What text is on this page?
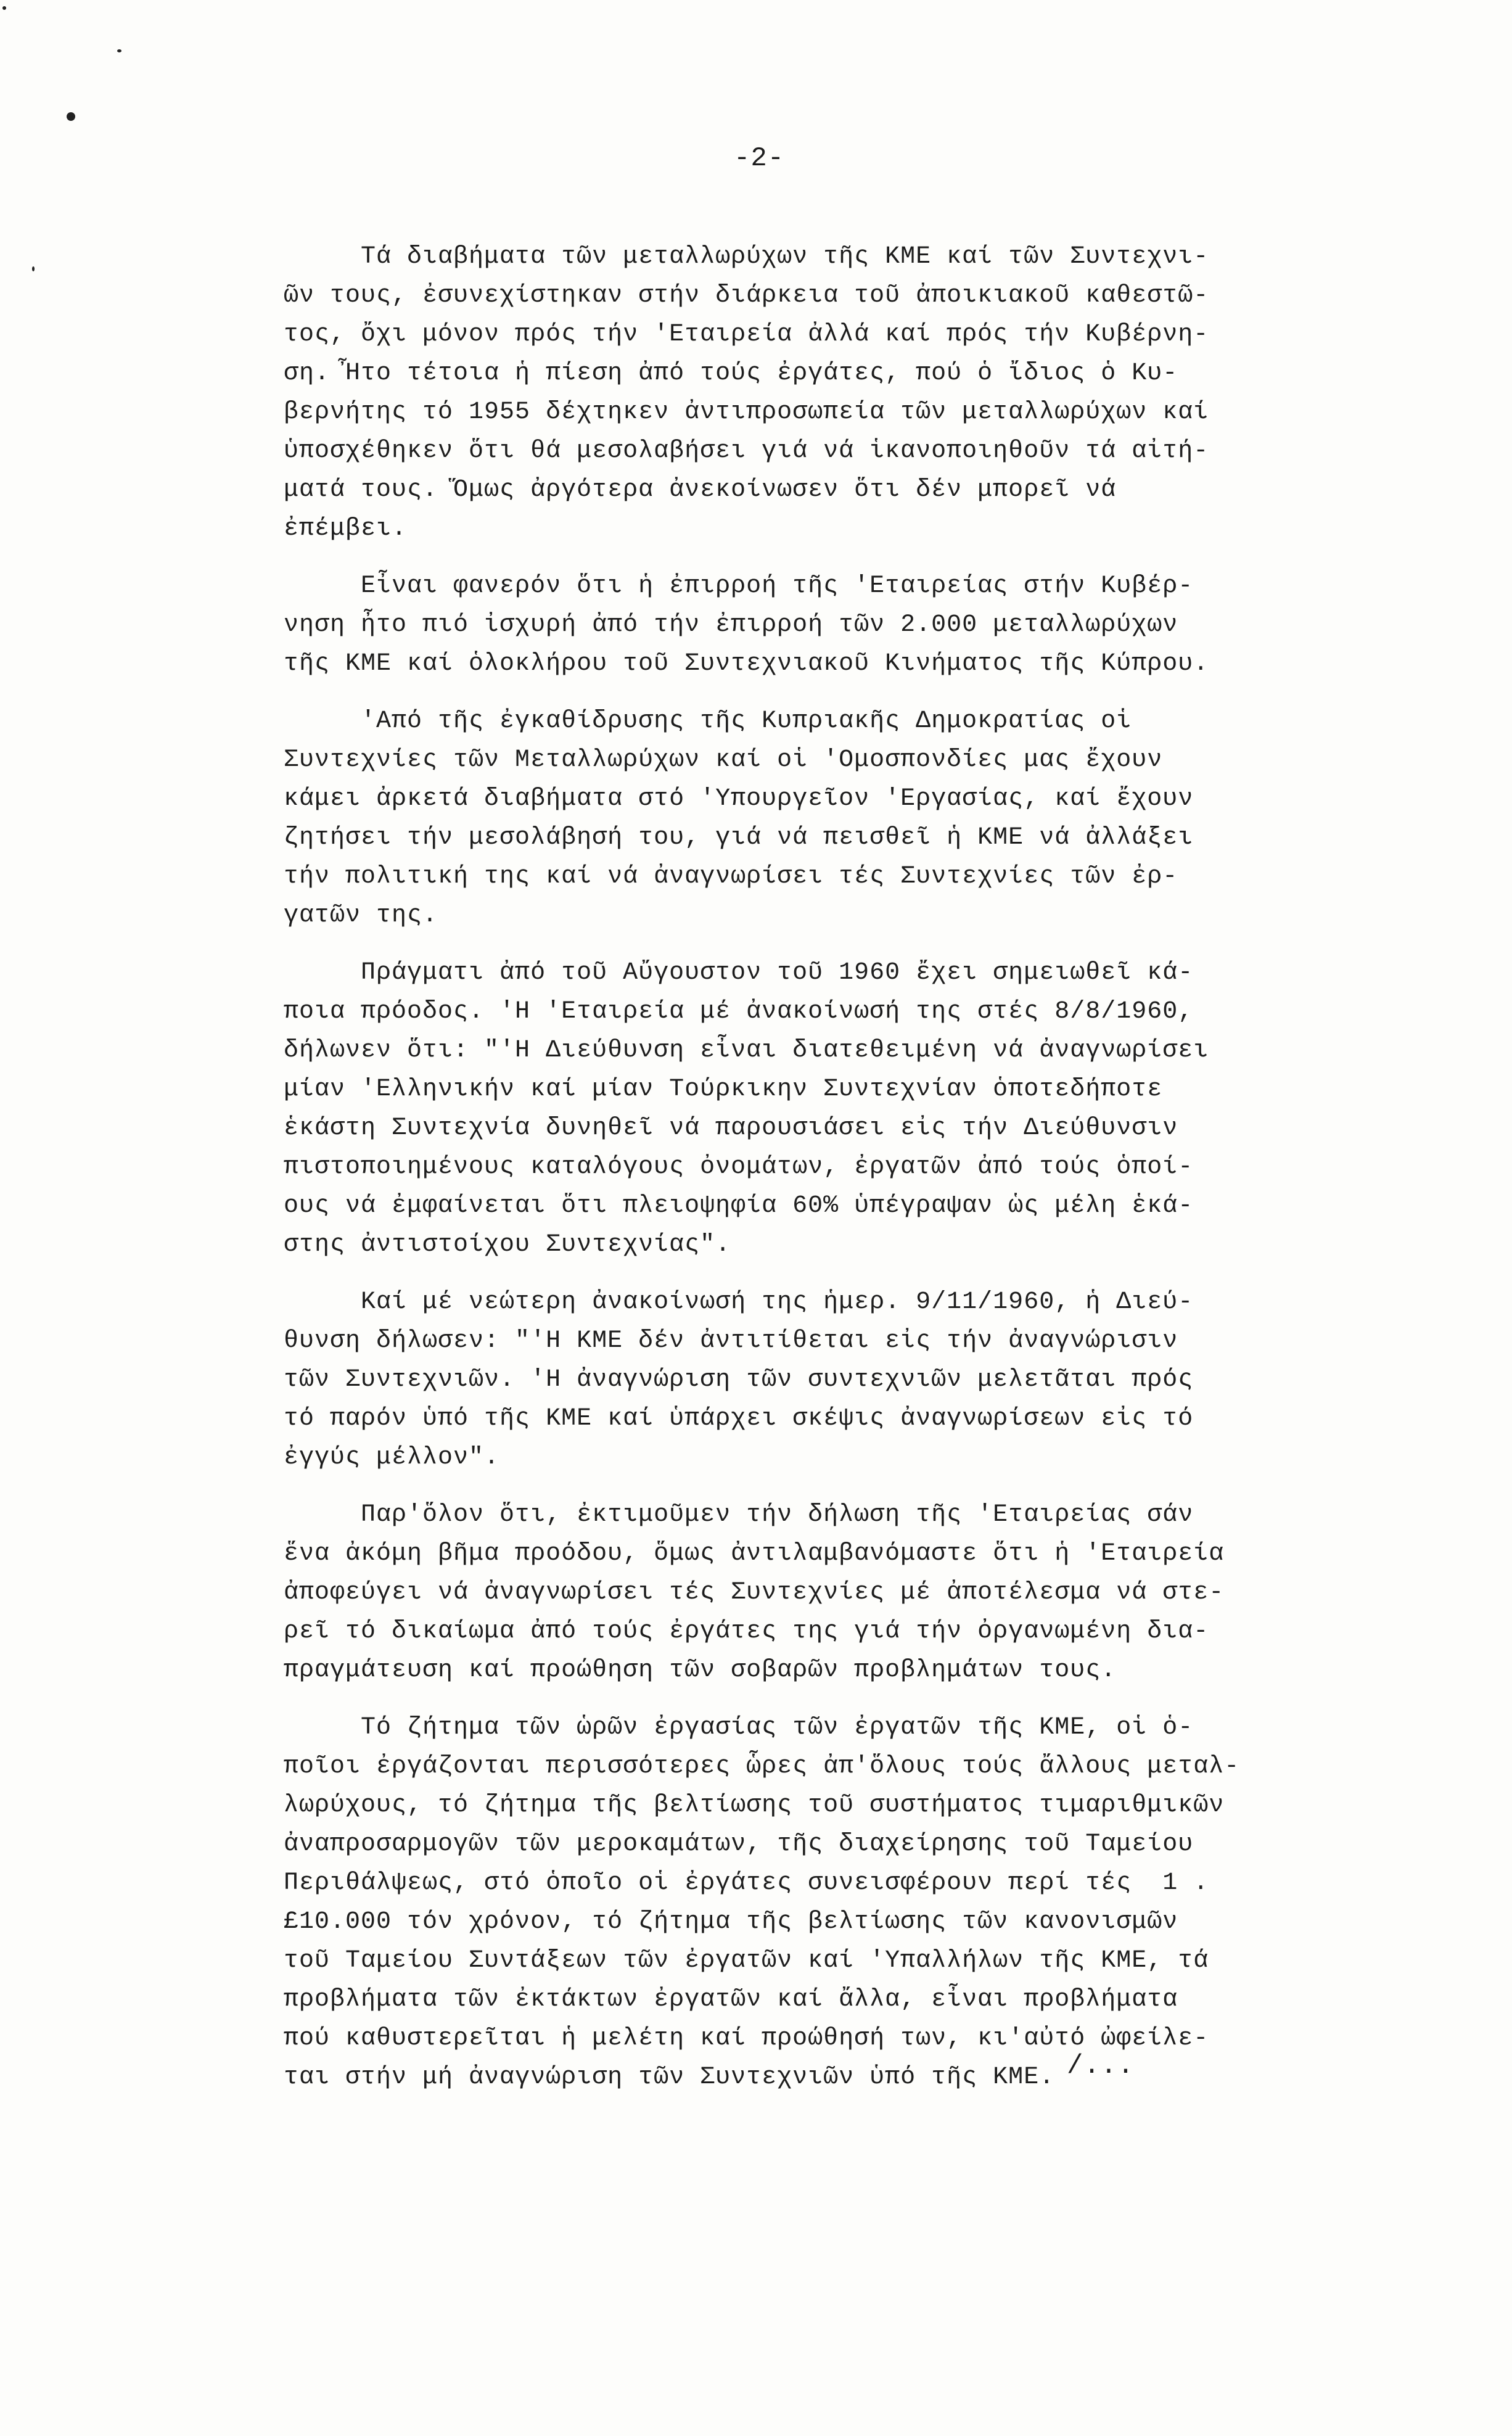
-2-
Τά διαβήματα τῶν μεταλλωρύχων τῆς ΚΜΕ καί τῶν Συντεχνι-
ῶν τους, ἐσυνεχίστηκαν στήν διάρκεια τοῦ ἀποικιακοῦ καθεστῶ-
τος, ὄχι μόνον πρός τήν 'Εταιρεία ἀλλά καί πρός τήν Κυβέρνη-
ση. Ἦτο τέτοια ἡ πίεση ἀπό τούς ἐργάτες, πού ὁ ἴδιος ὁ Κυ-
βερνήτης τό 1955 δέχτηκεν ἀντιπροσωπεία τῶν μεταλλωρύχων καί
ὑποσχέθηκεν ὅτι θά μεσολαβήσει γιά νά ἱκανοποιηθοῦν τά αἰτή-
ματά τους. Ὅμως ἀργότερα ἀνεκοίνωσεν ὅτι δέν μπορεῖ νά
ἐπέμβει.
Εἶναι φανερόν ὅτι ἡ ἐπιρροή τῆς 'Εταιρείας στήν Κυβέρ-
νηση ἦτο πιό ἰσχυρή ἀπό τήν ἐπιρροή τῶν 2.000 μεταλλωρύχων
τῆς ΚΜΕ καί ὁλοκλήρου τοῦ Συντεχνιακοῦ Κινήματος τῆς Κύπρου.
'Από τῆς ἐγκαθίδρυσης τῆς Κυπριακῆς Δημοκρατίας οἱ
Συντεχνίες τῶν Μεταλλωρύχων καί οἱ 'Ομοσπονδίες μας ἔχουν
κάμει ἀρκετά διαβήματα στό 'Υπουργεῖον 'Εργασίας, καί ἔχουν
ζητήσει τήν μεσολάβησή του, γιά νά πεισθεῖ ἡ ΚΜΕ νά ἀλλάξει
τήν πολιτική της καί νά ἀναγνωρίσει τές Συντεχνίες τῶν ἐρ-
γατῶν της.
Πράγματι ἀπό τοῦ Αὔγουστον τοῦ 1960 ἔχει σημειωθεῖ κά-
ποια πρόοδος. 'Η 'Εταιρεία μέ ἀνακοίνωσή της στές 8/8/1960,
δήλωνεν ὅτι: "'Η Διεύθυνση εἶναι διατεθειμένη νά ἀναγνωρίσει
μίαν 'Ελληνικήν καί μίαν Τούρκικην Συντεχνίαν ὁποτεδήποτε
ἑκάστη Συντεχνία δυνηθεῖ νά παρουσιάσει εἰς τήν Διεύθυνσιν
πιστοποιημένους καταλόγους ὀνομάτων, ἐργατῶν ἀπό τούς ὁποί-
ους νά ἐμφαίνεται ὅτι πλειοψηφία 60% ὑπέγραψαν ὡς μέλη ἑκά-
στης ἀντιστοίχου Συντεχνίας".
Καί μέ νεώτερη ἀνακοίνωσή της ἡμερ. 9/11/1960, ἡ Διεύ-
θυνση δήλωσεν: "'Η ΚΜΕ δέν ἀντιτίθεται εἰς τήν ἀναγνώρισιν
τῶν Συντεχνιῶν. 'Η ἀναγνώριση τῶν συντεχνιῶν μελετᾶται πρός
τό παρόν ὑπό τῆς ΚΜΕ καί ὑπάρχει σκέψις ἀναγνωρίσεων εἰς τό
ἐγγύς μέλλον".
Παρ'ὅλον ὅτι, ἐκτιμοῦμεν τήν δήλωση τῆς 'Εταιρείας σάν
ἕνα ἀκόμη βῆμα προόδου, ὅμως ἀντιλαμβανόμαστε ὅτι ἡ 'Εταιρεία
ἀποφεύγει νά ἀναγνωρίσει τές Συντεχνίες μέ ἀποτέλεσμα νά στε-
ρεῖ τό δικαίωμα ἀπό τούς ἐργάτες της γιά τήν ὀργανωμένη δια-
πραγμάτευση καί προώθηση τῶν σοβαρῶν προβλημάτων τους.
Τό ζήτημα τῶν ὡρῶν ἐργασίας τῶν ἐργατῶν τῆς ΚΜΕ, οἱ ὁ-
ποῖοι ἐργάζονται περισσότερες ὧρες ἀπ'ὅλους τούς ἄλλους μεταλ-
λωρύχους, τό ζήτημα τῆς βελτίωσης τοῦ συστήματος τιμαριθμικῶν
ἀναπροσαρμογῶν τῶν μεροκαμάτων, τῆς διαχείρησης τοῦ Ταμείου
Περιθάλψεως, στό ὁποῖο οἱ ἐργάτες συνεισφέρουν περί τές  1 .
£10.000 τόν χρόνον, τό ζήτημα τῆς βελτίωσης τῶν κανονισμῶν
τοῦ Ταμείου Συντάξεων τῶν ἐργατῶν καί 'Υπαλλήλων τῆς ΚΜΕ, τά
προβλήματα τῶν ἐκτάκτων ἐργατῶν καί ἄλλα, εἶναι προβλήματα
πού καθυστερεῖται ἡ μελέτη καί προώθησή των, κι'αὐτό ὠφείλε-
ται στήν μή ἀναγνώριση τῶν Συντεχνιῶν ὑπό τῆς ΚΜΕ. /...
